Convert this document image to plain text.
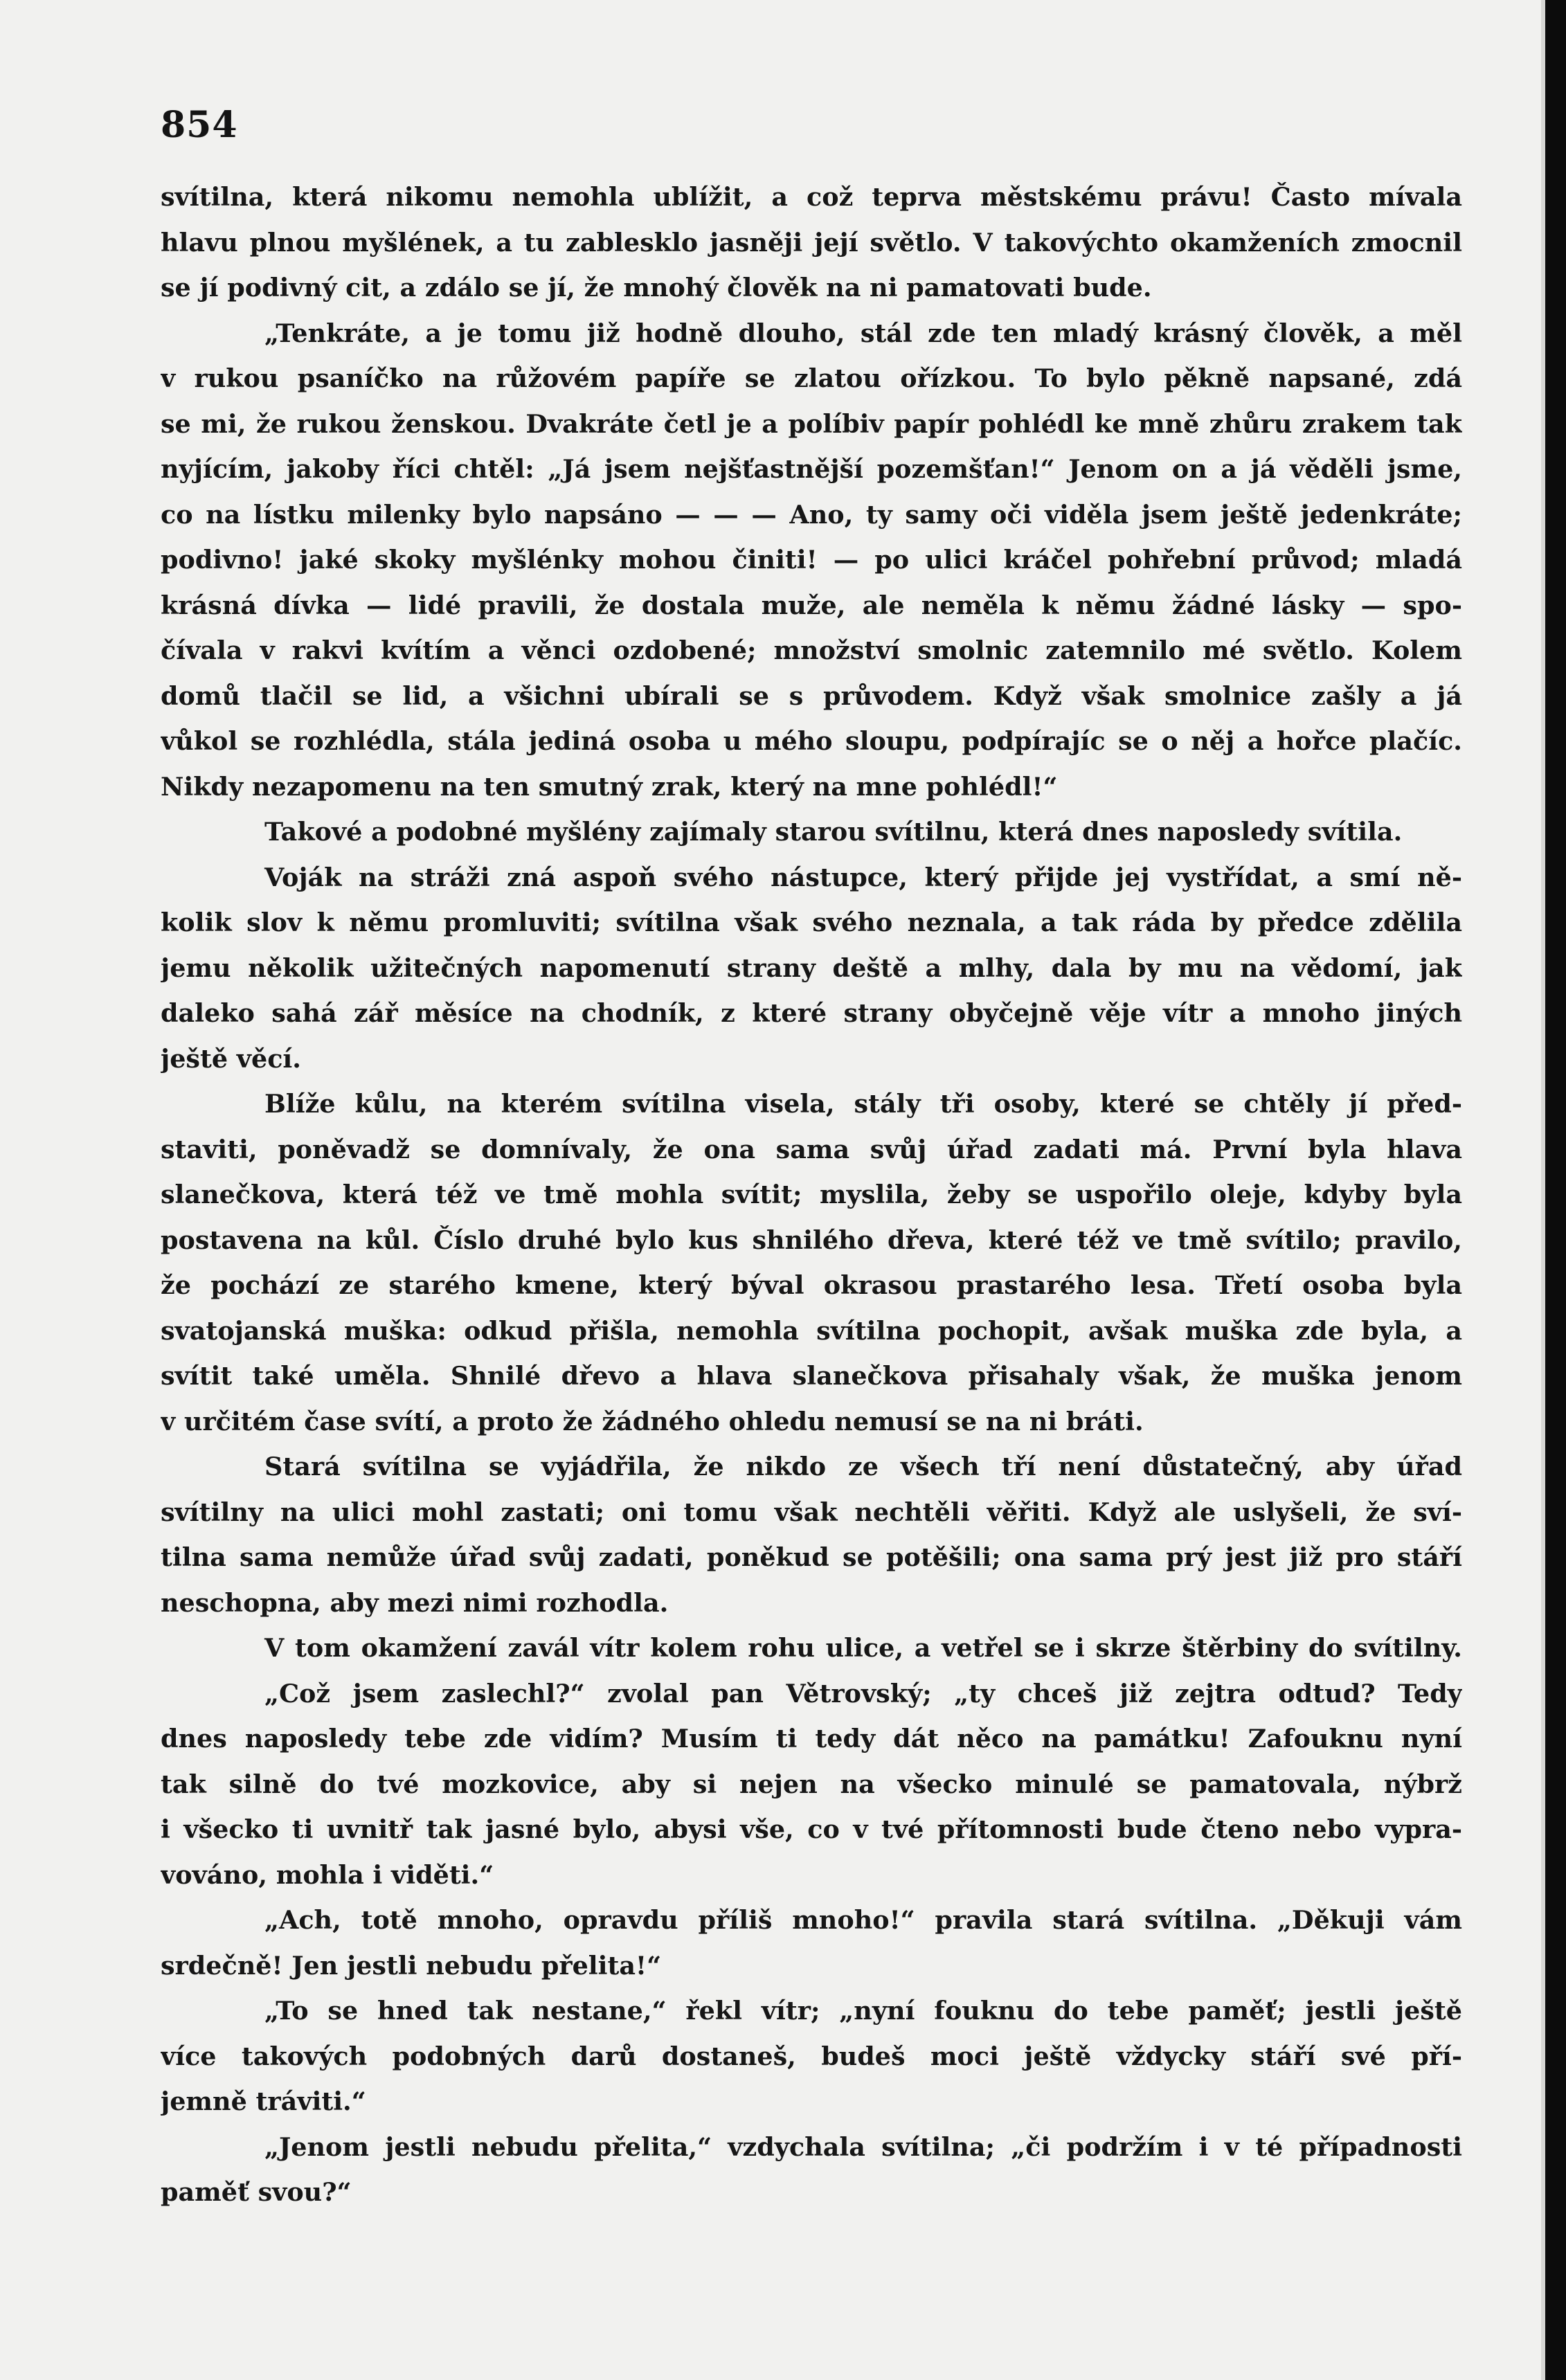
854
svítilna, která nikomu nemohla ublížit, a což teprva městskému právu! Často mívala
hlavu plnou myšlének, a tu zablesklo jasněji její světlo. V takovýchto okamženích zmocnil
se jí podivný cit, a zdálo se jí, že mnohý člověk na ni pamatovati bude.
„Tenkráte, a je tomu již hodně dlouho, stál zde ten mladý krásný člověk, a měl
v rukou psaníčko na růžovém papíře se zlatou ořízkou. To bylo pěkně napsané, zdá
se mi, že rukou ženskou. Dvakráte četl je a políbiv papír pohlédl ke mně zhůru zrakem tak
nyjícím, jakoby říci chtěl: „Já jsem nejšťastnější pozemšťan!“ Jenom on a já věděli jsme,
co na lístku milenky bylo napsáno — — — Ano, ty samy oči viděla jsem ještě jedenkráte;
podivno! jaké skoky myšlénky mohou činiti! — po ulici kráčel pohřební průvod; mladá
krásná dívka — lidé pravili, že dostala muže, ale neměla k němu žádné lásky — spo-
čívala v rakvi kvítím a věnci ozdobené; množství smolnic zatemnilo mé světlo. Kolem
domů tlačil se lid, a všichni ubírali se s průvodem. Když však smolnice zašly a já
vůkol se rozhlédla, stála jediná osoba u mého sloupu, podpírajíc se o něj a hořce plačíc.
Nikdy nezapomenu na ten smutný zrak, který na mne pohlédl!“
Takové a podobné myšlény zajímaly starou svítilnu, která dnes naposledy svítila.
Voják na stráži zná aspoň svého nástupce, který přijde jej vystřídat, a smí ně-
kolik slov k němu promluviti; svítilna však svého neznala, a tak ráda by předce zdělila
jemu několik užitečných napomenutí strany deště a mlhy, dala by mu na vědomí, jak
daleko sahá zář měsíce na chodník, z které strany obyčejně věje vítr a mnoho jiných
ještě věcí.
Blíže kůlu, na kterém svítilna visela, stály tři osoby, které se chtěly jí před-
staviti, poněvadž se domnívaly, že ona sama svůj úřad zadati má. První byla hlava
slanečkova, která též ve tmě mohla svítit; myslila, žeby se uspořilo oleje, kdyby byla
postavena na kůl. Číslo druhé bylo kus shnilého dřeva, které též ve tmě svítilo; pravilo,
že pochází ze starého kmene, který býval okrasou prastarého lesa. Třetí osoba byla
svatojanská muška: odkud přišla, nemohla svítilna pochopit, avšak muška zde byla, a
svítit také uměla. Shnilé dřevo a hlava slanečkova přisahaly však, že muška jenom
v určitém čase svítí, a proto že žádného ohledu nemusí se na ni bráti.
Stará svítilna se vyjádřila, že nikdo ze všech tří není důstatečný, aby úřad
svítilny na ulici mohl zastati; oni tomu však nechtěli věřiti. Když ale uslyšeli, že sví-
tilna sama nemůže úřad svůj zadati, poněkud se potěšili; ona sama prý jest již pro stáří
neschopna, aby mezi nimi rozhodla.
V tom okamžení zavál vítr kolem rohu ulice, a vetřel se i skrze štěrbiny do svítilny.
„Což jsem zaslechl?“ zvolal pan Větrovský; „ty chceš již zejtra odtud? Tedy
dnes naposledy tebe zde vidím? Musím ti tedy dát něco na památku! Zafouknu nyní
tak silně do tvé mozkovice, aby si nejen na všecko minulé se pamatovala, nýbrž
i všecko ti uvnitř tak jasné bylo, abysi vše, co v tvé přítomnosti bude čteno nebo vypra-
vováno, mohla i viděti.“
„Ach, totě mnoho, opravdu příliš mnoho!“ pravila stará svítilna. „Děkuji vám
srdečně! Jen jestli nebudu přelita!“
„To se hned tak nestane,“ řekl vítr; „nyní fouknu do tebe paměť; jestli ještě
více takových podobných darů dostaneš, budeš moci ještě vždycky stáří své pří-
jemně tráviti.“
„Jenom jestli nebudu přelita,“ vzdychala svítilna; „či podržím i v té případnosti
paměť svou?“
